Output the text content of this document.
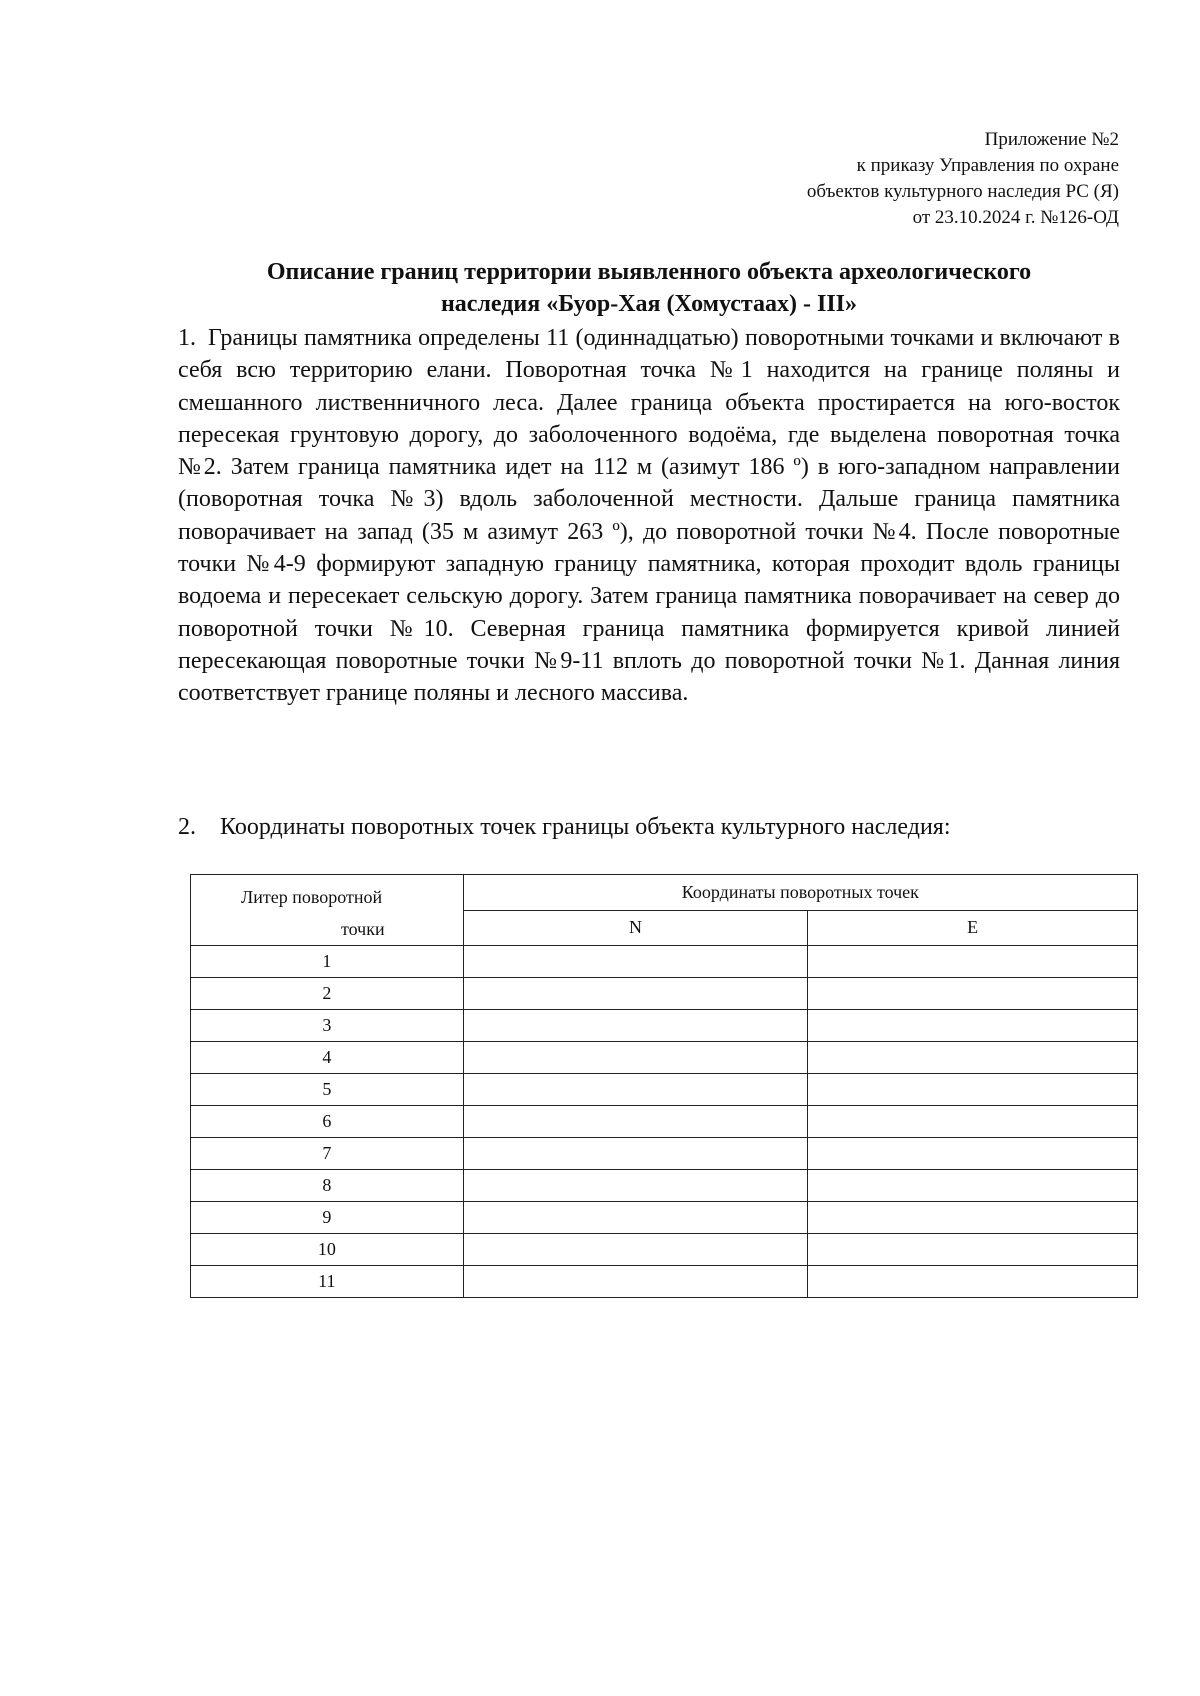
Приложение №2
к приказу Управления по охране
объектов культурного наследия РС (Я)
от 23.10.2024 г. №126-ОД
Описание границ территории выявленного объекта археологического
наследия «Буор-Хая (Хомустаах) - III»
1. Границы памятника определены 11 (одиннадцатью) поворотными точками и включают в себя всю территорию елани. Поворотная точка №1 находится на границе поляны и смешанного лиственничного леса. Далее граница объекта простирается на юго-восток пересекая грунтовую дорогу, до заболоченного водоёма, где выделена поворотная точка №2. Затем граница памятника идет на 112 м (азимут 186 º) в юго-западном направлении (поворотная точка №3) вдоль заболоченной местности. Дальше граница памятника поворачивает на запад (35 м азимут 263 º), до поворотной точки №4. После поворотные точки №4-9 формируют западную границу памятника, которая проходит вдоль границы водоема и пересекает сельскую дорогу. Затем граница памятника поворачивает на север до поворотной точки №10. Северная граница памятника формируется кривой линией пересекающая поворотные точки №9-11 вплоть до поворотной точки №1. Данная линия соответствует границе поляны и лесного массива.
2. Координаты поворотных точек границы объекта культурного наследия:
Литер поворотной
точки	Координаты поворотных точек	
	N	E
1		
2		
3		
4		
5		
6		
7		
8		
9		
10		
11		
